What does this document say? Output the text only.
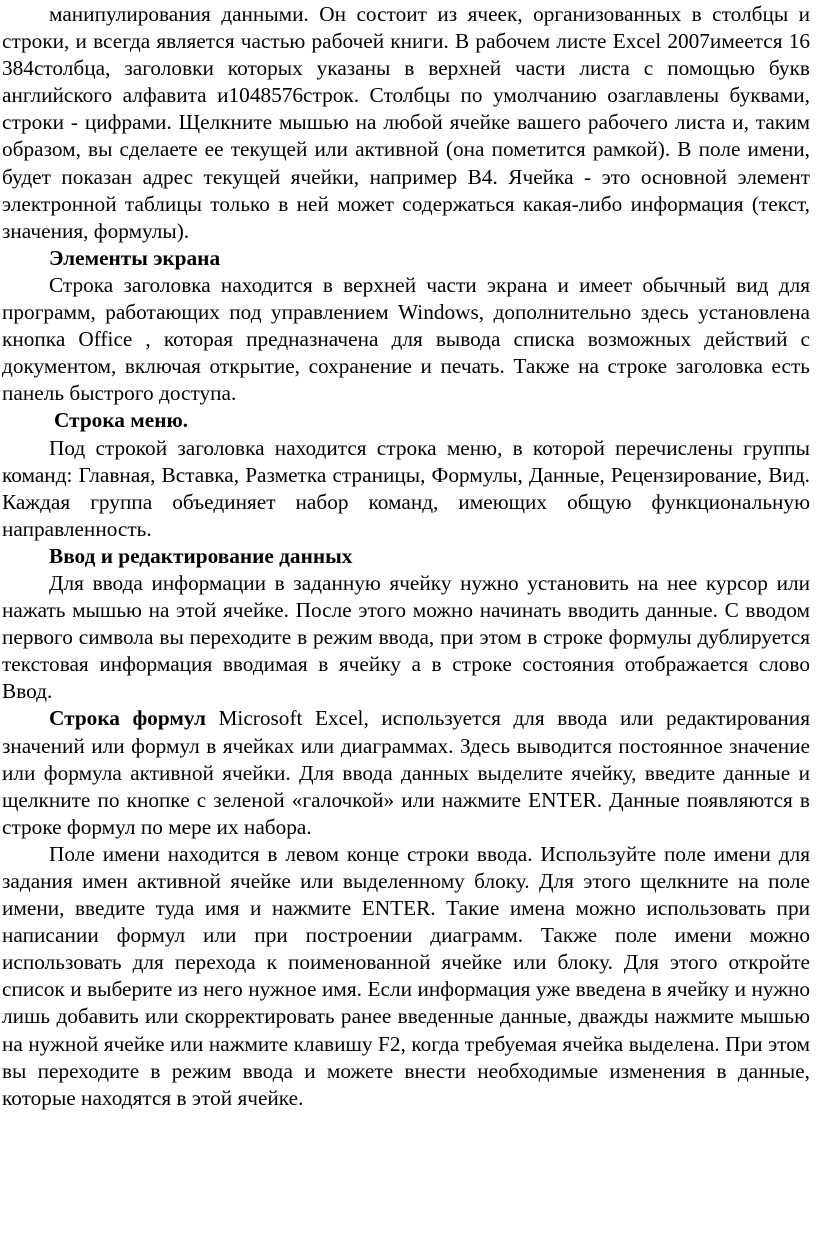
манипулирования данными. Он состоит из ячеек, организованных в столбцы и строки, и всегда является частью рабочей книги. В рабочем листе Excel 2007имеется 16 384столбца, заголовки которых указаны в верхней части листа с помощью букв английского алфавита и1048576строк. Столбцы по умолчанию озаглавлены буквами, строки - цифрами. Щелкните мышью на любой ячейке вашего рабочего листа и, таким образом, вы сделаете ее текущей или активной (она пометится рамкой). В поле имени, будет показан адрес текущей ячейки, например В4. Ячейка - это основной элемент электронной таблицы только в ней может содержаться какая-либо информация (текст, значения, формулы).

Элементы экрана

Строка заголовка находится в верхней части экрана и имеет обычный вид для программ, работающих под управлением Windows, дополнительно здесь установлена кнопка Office , которая предназначена для вывода списка возможных действий с документом, включая открытие, сохранение и печать. Также на строке заголовка есть панель быстрого доступа.

Строка меню.

Под строкой заголовка находится строка меню, в которой перечислены группы команд: Главная, Вставка, Разметка страницы, Формулы, Данные, Рецензирование, Вид. Каждая группа объединяет набор команд, имеющих общую функциональную направленность.

Ввод и редактирование данных

Для ввода информации в заданную ячейку нужно установить на нее курсор или нажать мышью на этой ячейке. После этого можно начинать вводить данные. С вводом первого символа вы переходите в режим ввода, при этом в строке формулы дублируется текстовая информация вводимая в ячейку а в строке состояния отображается слово Ввод.

Строка формул Microsoft Excel, используется для ввода или редактирования значений или формул в ячейках или диаграммах. Здесь выводится постоянное значение или формула активной ячейки. Для ввода данных выделите ячейку, введите данные и щелкните по кнопке с зеленой «галочкой» или нажмите ENTER. Данные появляются в строке формул по мере их набора.

Поле имени находится в левом конце строки ввода. Используйте поле имени для задания имен активной ячейке или выделенному блоку. Для этого щелкните на поле имени, введите туда имя и нажмите ENTER. Такие имена можно использовать при написании формул или при построении диаграмм. Также поле имени можно использовать для перехода к поименованной ячейке или блоку. Для этого откройте список и выберите из него нужное имя. Если информация уже введена в ячейку и нужно лишь добавить или скорректировать ранее введенные данные, дважды нажмите мышью на нужной ячейке или нажмите клавишу F2, когда требуемая ячейка выделена. При этом вы переходите в режим ввода и можете внести необходимые изменения в данные, которые находятся в этой ячейке.
